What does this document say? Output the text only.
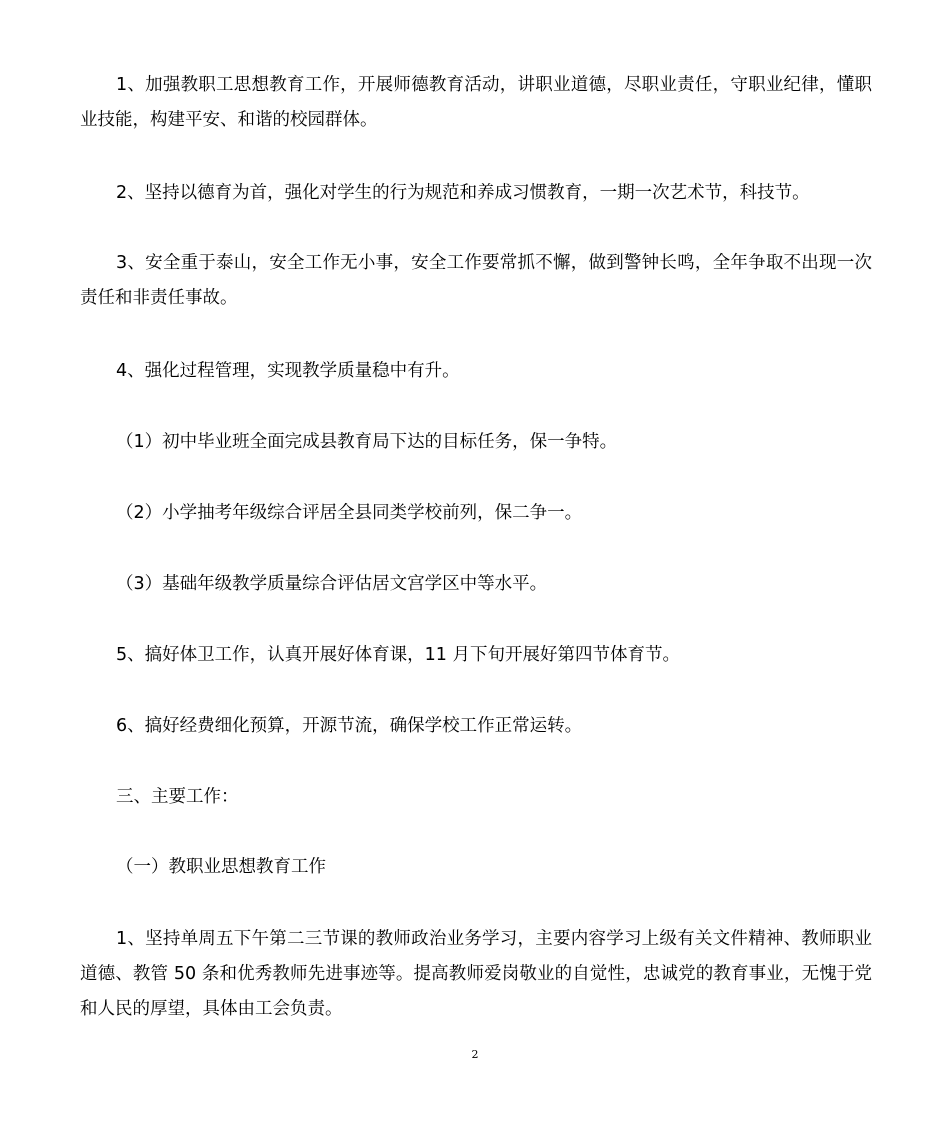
1、加强教职工思想教育工作，开展师德教育活动，讲职业道德，尽职业责任，守职业纪律，懂职业技能，构建平安、和谐的校园群体。

2、坚持以德育为首，强化对学生的行为规范和养成习惯教育，一期一次艺术节，科技节。

3、安全重于泰山，安全工作无小事，安全工作要常抓不懈，做到警钟长鸣，全年争取不出现一次责任和非责任事故。

4、强化过程管理，实现教学质量稳中有升。

（1）初中毕业班全面完成县教育局下达的目标任务，保一争特。

（2）小学抽考年级综合评居全县同类学校前列，保二争一。

（3）基础年级教学质量综合评估居文宫学区中等水平。

5、搞好体卫工作，认真开展好体育课，11 月下旬开展好第四节体育节。

6、搞好经费细化预算，开源节流，确保学校工作正常运转。

三、主要工作：

（一）教职业思想教育工作

1、坚持单周五下午第二三节课的教师政治业务学习，主要内容学习上级有关文件精神、教师职业道德、教管 50 条和优秀教师先进事迹等。提高教师爱岗敬业的自觉性，忠诚党的教育事业，无愧于党和人民的厚望，具体由工会负责。

2
